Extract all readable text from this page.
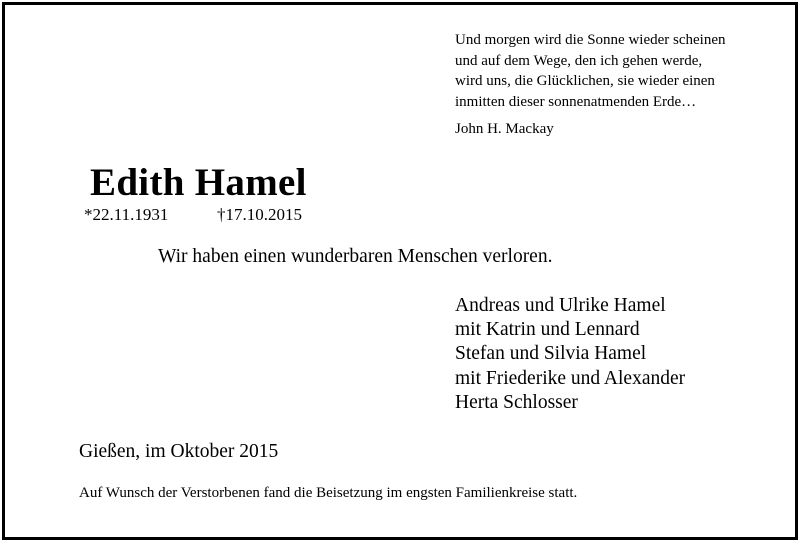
Und morgen wird die Sonne wieder scheinen
und auf dem Wege, den ich gehen werde,
wird uns, die Glücklichen, sie wieder einen
inmitten dieser sonnenatmenden Erde…
John H. Mackay
Edith Hamel
*22.11.1931	†17.10.2015
Wir haben einen wunderbaren Menschen verloren.
Andreas und Ulrike Hamel
mit Katrin und Lennard
Stefan und Silvia Hamel
mit Friederike und Alexander
Herta Schlosser
Gießen, im Oktober 2015
Auf Wunsch der Verstorbenen fand die Beisetzung im engsten Familienkreise statt.
